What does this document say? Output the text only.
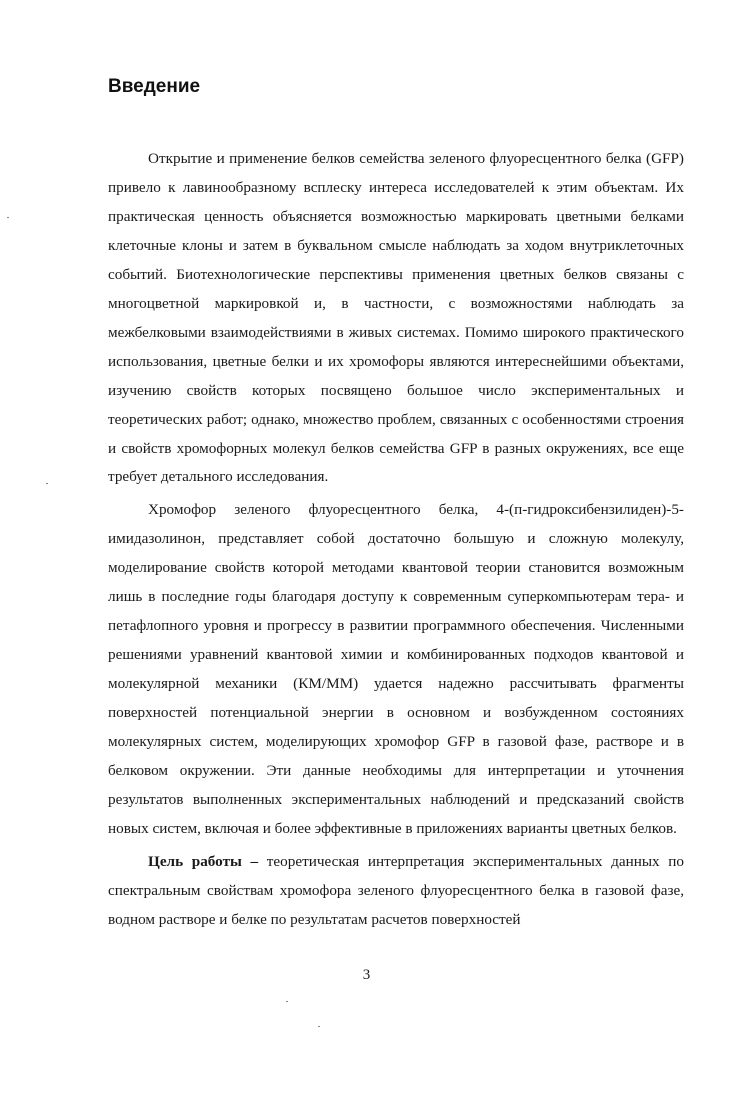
Введение

Открытие и применение белков семейства зеленого флуоресцентного белка (GFP) привело к лавинообразному всплеску интереса исследователей к этим объектам. Их практическая ценность объясняется возможностью маркировать цветными белками клеточные клоны и затем в буквальном смысле наблюдать за ходом внутриклеточных событий. Биотехнологические перспективы применения цветных белков связаны с многоцветной маркировкой и, в частности, с возможностями наблюдать за межбелковыми взаимодействиями в живых системах. Помимо широкого практического использования, цветные белки и их хромофоры являются интереснейшими объектами, изучению свойств которых посвящено большое число экспериментальных и теоретических работ; однако, множество проблем, связанных с особенностями строения и свойств хромофорных молекул белков семейства GFP в разных окружениях, все еще требует детального исследования.

Хромофор зеленого флуоресцентного белка, 4-(п-гидроксибензилиден)-5-имидазолинон, представляет собой достаточно большую и сложную молекулу, моделирование свойств которой методами квантовой теории становится возможным лишь в последние годы благодаря доступу к современным суперкомпьютерам тера- и петафлопного уровня и прогрессу в развитии программного обеспечения. Численными решениями уравнений квантовой химии и комбинированных подходов квантовой и молекулярной механики (КМ/ММ) удается надежно рассчитывать фрагменты поверхностей потенциальной энергии в основном и возбужденном состояниях молекулярных систем, моделирующих хромофор GFP в газовой фазе, растворе и в белковом окружении. Эти данные необходимы для интерпретации и уточнения результатов выполненных экспериментальных наблюдений и предсказаний свойств новых систем, включая и более эффективные в приложениях варианты цветных белков.

Цель работы – теоретическая интерпретация экспериментальных данных по спектральным свойствам хромофора зеленого флуоресцентного белка в газовой фазе, водном растворе и белке по результатам расчетов поверхностей

3
